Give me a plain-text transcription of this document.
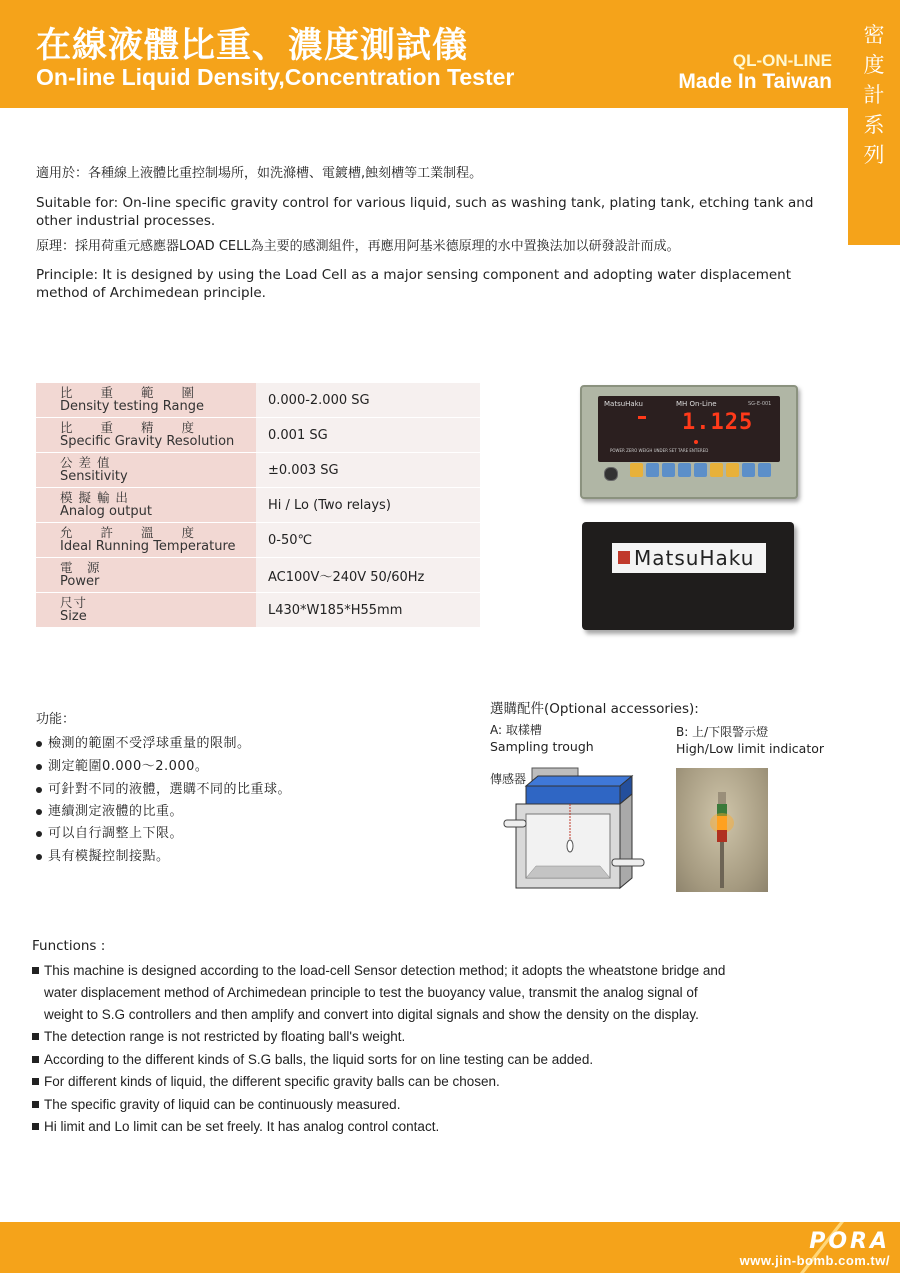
在線液體比重、濃度測試儀
On-line Liquid Density,Concentration Tester
QL-ON-LINE
Made In Taiwan
密
度
計
系
列
適用於：各種線上液體比重控制場所，如洗滌槽、電鍍槽,蝕刻槽等工業制程。
Suitable for: On-line specific gravity control for various liquid, such as washing tank, plating tank, etching tank and
other industrial processes.
原理：採用荷重元感應器LOAD CELL為主要的感測組件，再應用阿基米德原理的水中置換法加以研發設計而成。
Principle: It is designed by using the Load Cell as a major sensing component and adopting water displacement
method of Archimedean principle.
比　　重　　範　　圍
Density testing Range	0.000-2.000 SG

比　　重　　精　　度
Specific Gravity Resolution	0.001 SG

公 差 值
Sensitivity	±0.003 SG

模 擬 輸 出
Analog output	Hi / Lo (Two relays)

允　　許　　溫　　度
Ideal Running Temperature	0-50℃

電　源
Power	AC100V～240V 50/60Hz

尺寸
Size	L430*W185*H55mm
MatsuHaku	MH On-Line	SG-E-001
1.125
POWER ZERO WEIGH UNDER SET TARE ENTERED
MatsuHaku
功能：
檢測的範圍不受浮球重量的限制。
測定範圍0.000～2.000。
可針對不同的液體，選購不同的比重球。
連續測定液體的比重。
可以自行調整上下限。
具有模擬控制接點。
選購配件(Optional accessories):
A: 取樣槽
Sampling trough
B: 上/下限警示燈
High/Low limit indicator
傳感器
Functions :
This machine is designed according to the load-cell Sensor detection method; it adopts the wheatstone bridge and
water displacement method of Archimedean principle to test the buoyancy value, transmit the analog signal of
weight to S.G controllers and then amplify and convert into digital signals and show the density on the display.
The detection range is not restricted by floating ball's weight.
According to the different kinds of S.G balls, the liquid sorts for on line testing can be added.
For different kinds of liquid, the different specific gravity balls can be chosen.
The specific gravity of liquid can be continuously measured.
Hi limit and Lo limit can be set freely. It has analog control contact.
PORA
www.jin-bomb.com.tw/
